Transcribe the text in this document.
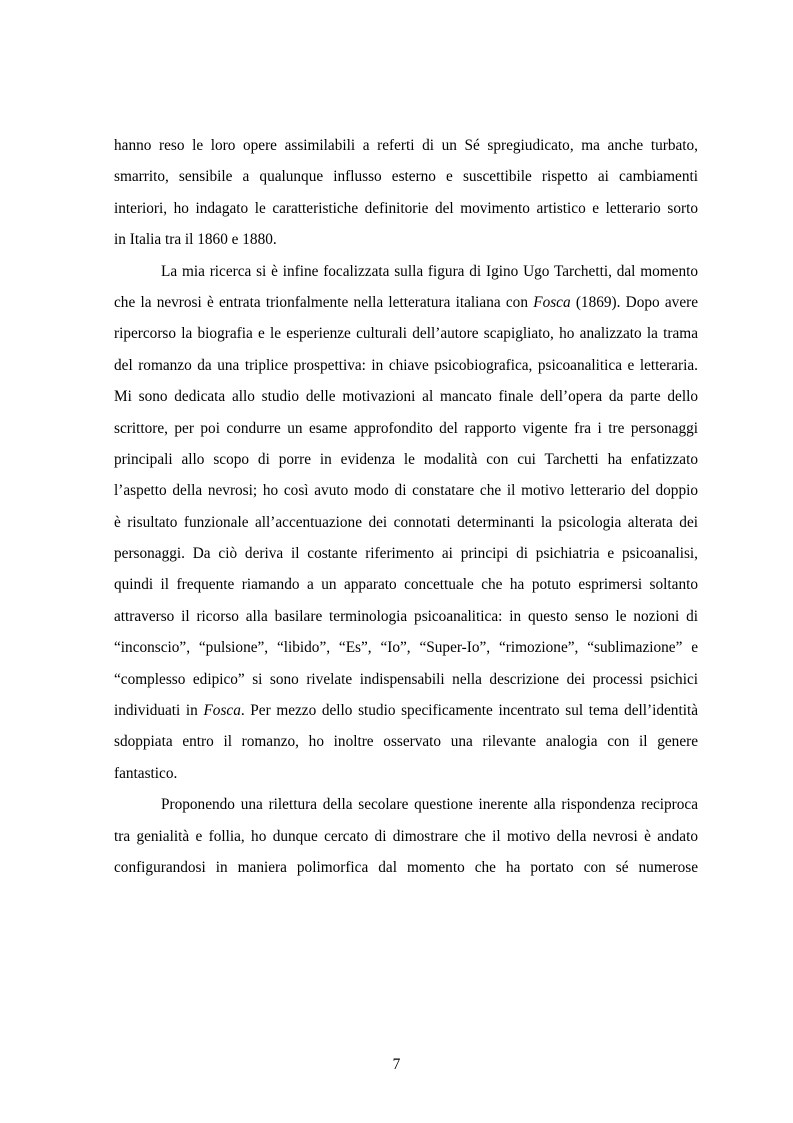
hanno reso le loro opere assimilabili a referti di un Sé spregiudicato, ma anche turbato,
smarrito, sensibile a qualunque influsso esterno e suscettibile rispetto ai cambiamenti
interiori, ho indagato le caratteristiche definitorie del movimento artistico e letterario sorto
in Italia tra il 1860 e 1880.
La mia ricerca si è infine focalizzata sulla figura di Igino Ugo Tarchetti, dal momento
che la nevrosi è entrata trionfalmente nella letteratura italiana con Fosca (1869). Dopo avere
ripercorso la biografia e le esperienze culturali dell’autore scapigliato, ho analizzato la trama
del romanzo da una triplice prospettiva: in chiave psicobiografica, psicoanalitica e letteraria.
Mi sono dedicata allo studio delle motivazioni al mancato finale dell’opera da parte dello
scrittore, per poi condurre un esame approfondito del rapporto vigente fra i tre personaggi
principali allo scopo di porre in evidenza le modalità con cui Tarchetti ha enfatizzato
l’aspetto della nevrosi; ho così avuto modo di constatare che il motivo letterario del doppio
è risultato funzionale all’accentuazione dei connotati determinanti la psicologia alterata dei
personaggi. Da ciò deriva il costante riferimento ai principi di psichiatria e psicoanalisi,
quindi il frequente riamando a un apparato concettuale che ha potuto esprimersi soltanto
attraverso il ricorso alla basilare terminologia psicoanalitica: in questo senso le nozioni di
“inconscio”, “pulsione”, “libido”, “Es”, “Io”, “Super-Io”, “rimozione”, “sublimazione” e
“complesso edipico” si sono rivelate indispensabili nella descrizione dei processi psichici
individuati in Fosca. Per mezzo dello studio specificamente incentrato sul tema dell’identità
sdoppiata entro il romanzo, ho inoltre osservato una rilevante analogia con il genere
fantastico.
Proponendo una rilettura della secolare questione inerente alla rispondenza reciproca
tra genialità e follia, ho dunque cercato di dimostrare che il motivo della nevrosi è andato
configurandosi in maniera polimorfica dal momento che ha portato con sé numerose
7
